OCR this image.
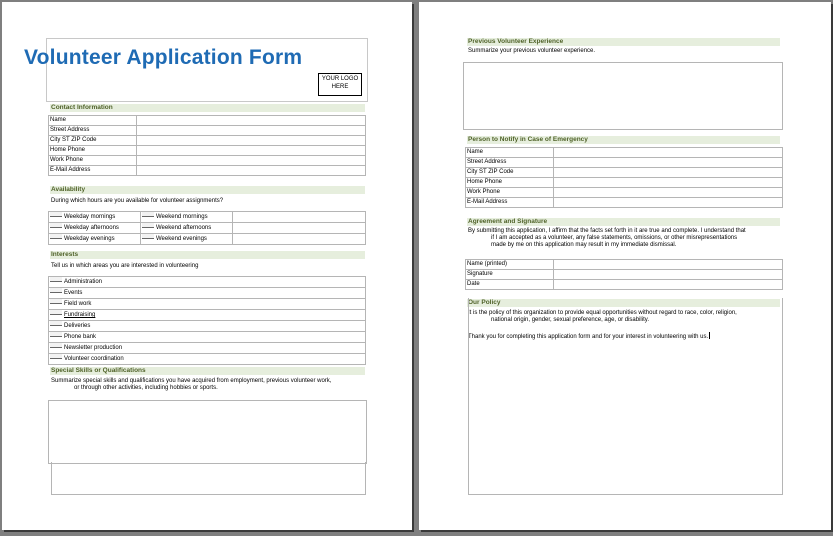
Volunteer Application Form
YOUR LOGO HERE
Contact Information
Name	
Street Address	
City ST ZIP Code	
Home Phone	
Work Phone	
E-Mail Address	
Availability
During which hours are you available for volunteer assignments?
Weekday mornings	Weekend mornings	
Weekday afternoons	Weekend afternoons	
Weekday evenings	Weekend evenings	
Interests
Tell us in which areas you are interested in volunteering
Administration
Events
Field work
Fundraising
Deliveries
Phone bank
Newsletter production
Volunteer coordination
Special Skills or Qualifications
Summarize special skills and qualifications you have acquired from employment, previous volunteer work,
or through other activities, including hobbies or sports.
Previous Volunteer Experience
Summarize your previous volunteer experience.
Person to Notify in Case of Emergency
Name	
Street Address	
City ST ZIP Code	
Home Phone	
Work Phone	
E-Mail Address	
Agreement and Signature
By submitting this application, I affirm that the facts set forth in it are true and complete. I understand that
if I am accepted as a volunteer, any false statements, omissions, or other misrepresentations
made by me on this application may result in my immediate dismissal.
Name (printed)	
Signature	
Date	
Our Policy
It is the policy of this organization to provide equal opportunities without regard to race, color, religion,
national origin, gender, sexual preference, age, or disability.
Thank you for completing this application form and for your interest in volunteering with us.
